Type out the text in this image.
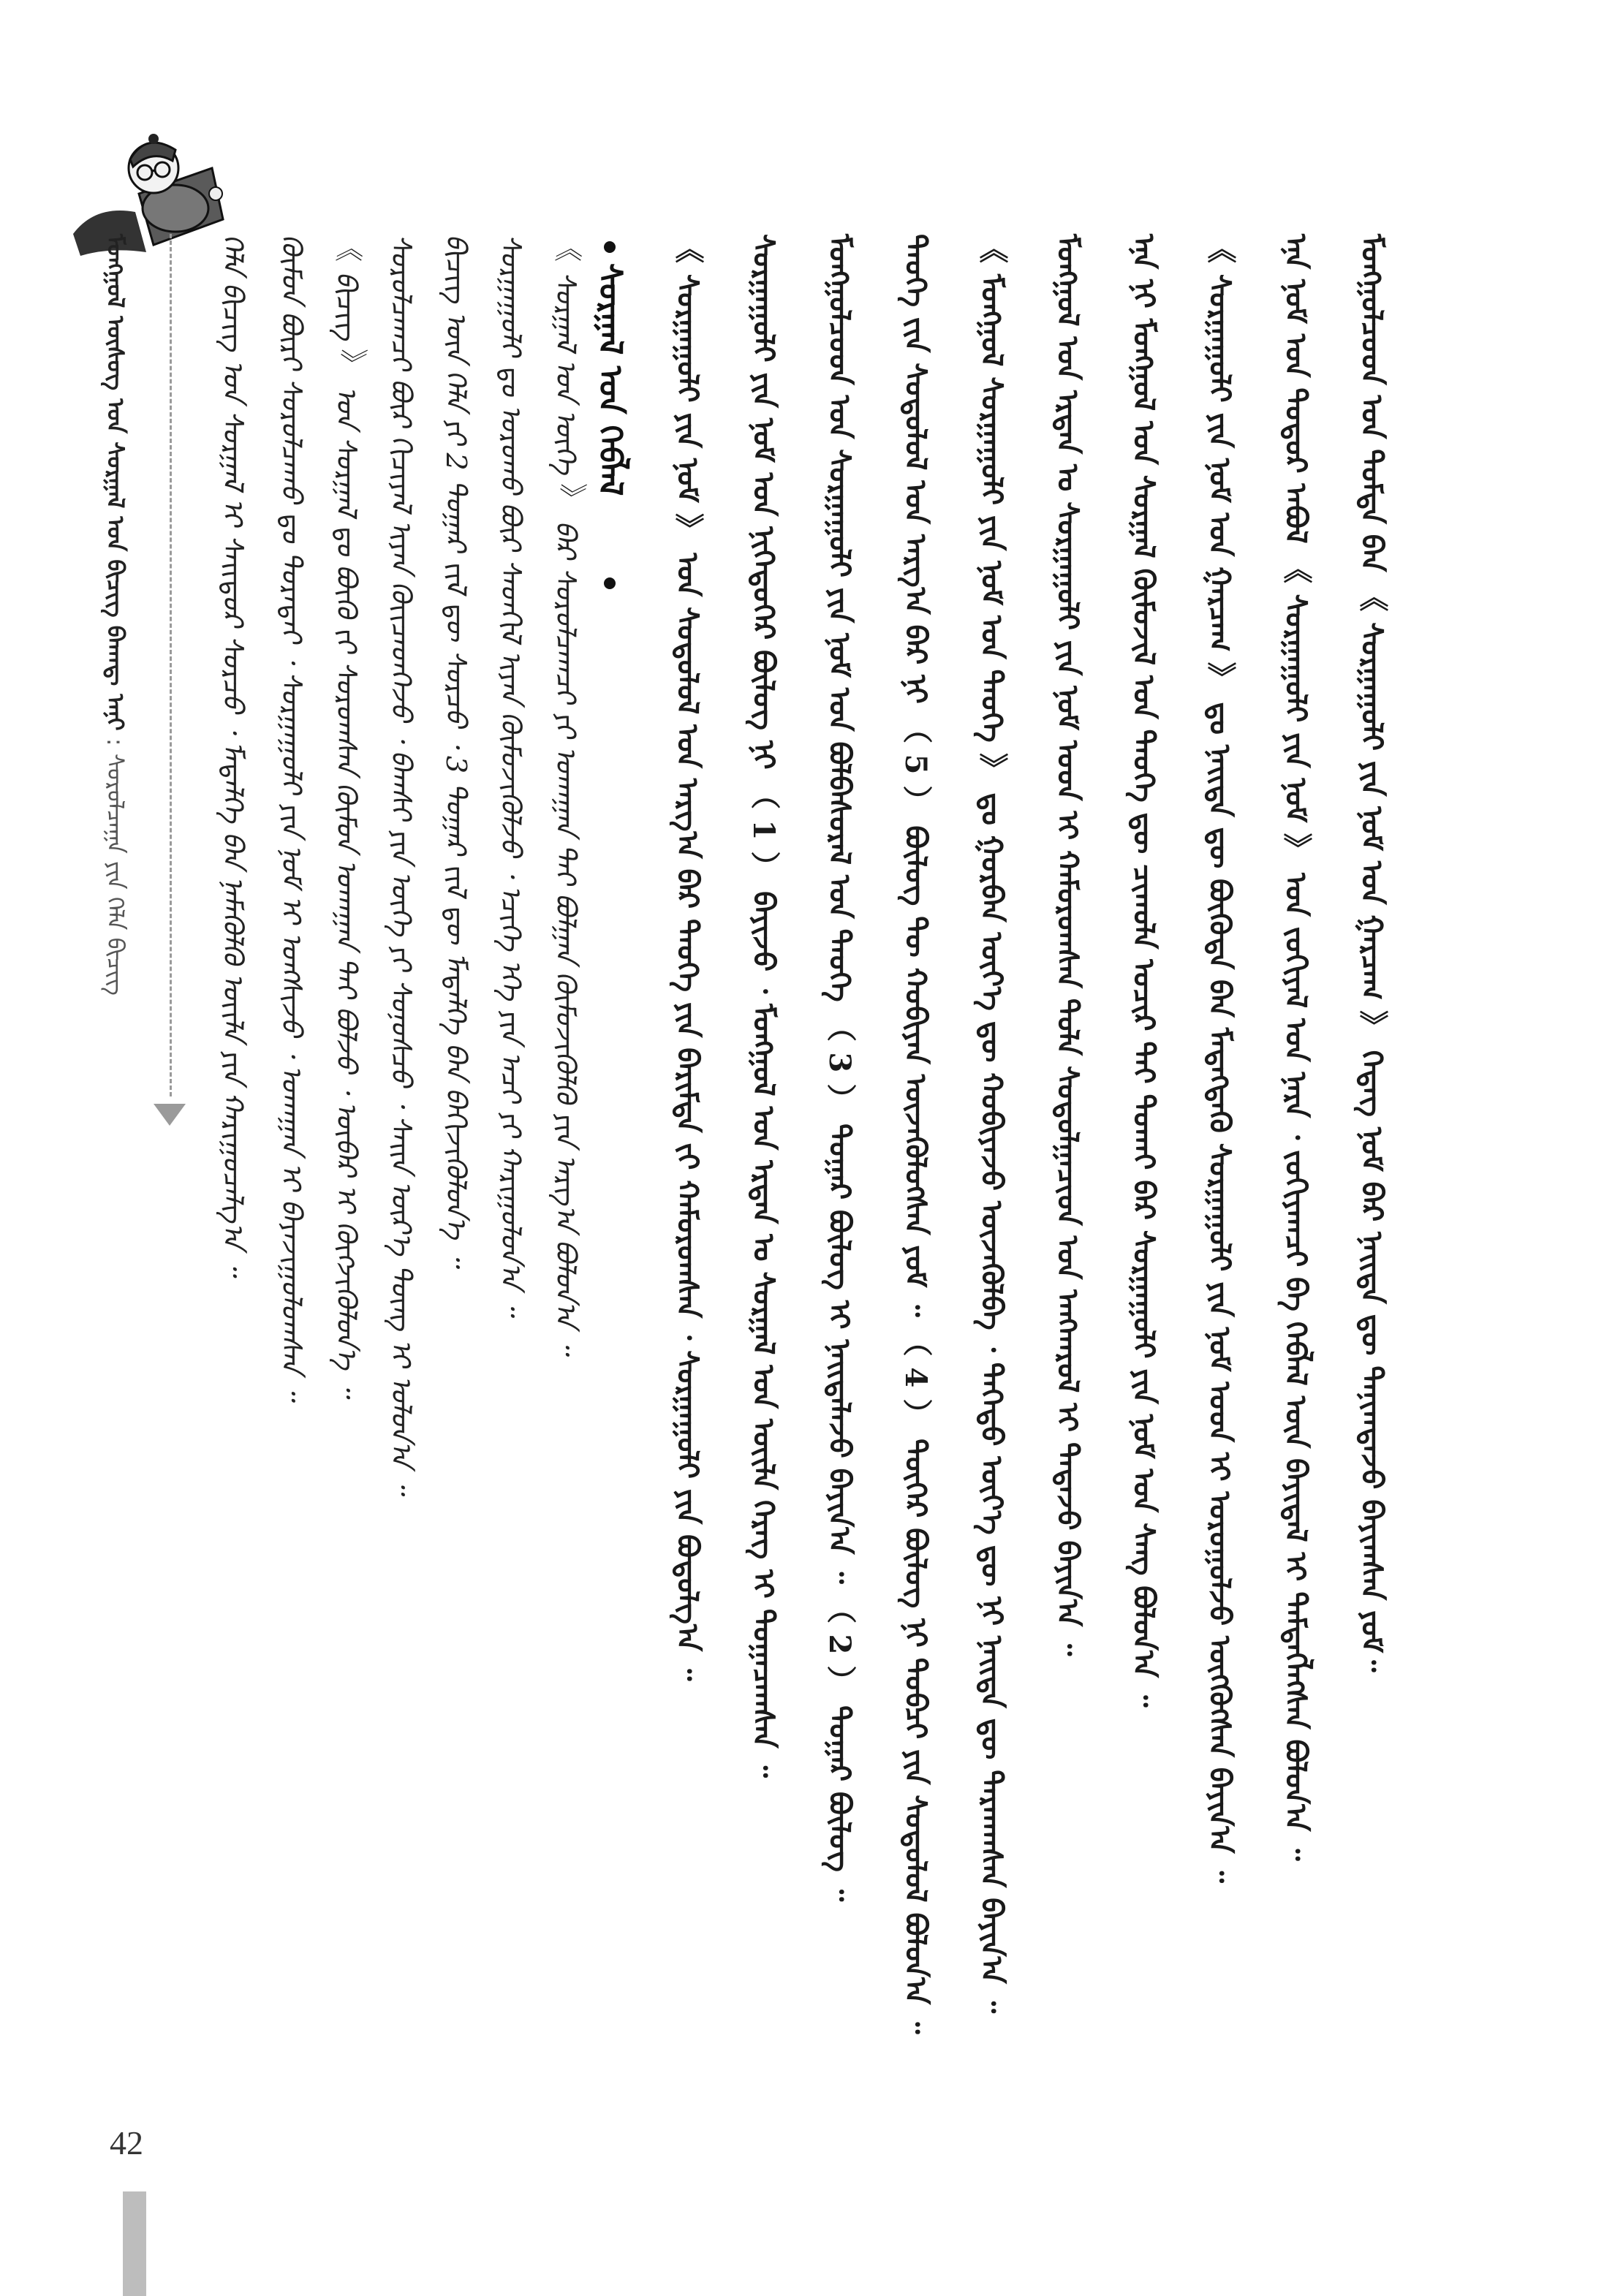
ᠮᠤᠩᠭᠤᠯ ᠦᠰᠦᠭ ᠤᠨ ᠰᠤᠷᠭᠠᠯ ᠤᠨ ᠪᠢᠴᠢᠭ᠌ ᠪᠠᠬᠠᠳ᠋ ᠠᠨᠢ : ᠰᠤᠷᠤᠯᠴᠠᠭᠠ ᠶᠢᠨ ᠬᠡᠯᠡ ᠪᠢᠴᠢᠭ	ᠬᠡᠯᠡ ᠪᠢᠴᠢᠭ ᠤᠨ ᠰᠤᠷᠭᠠᠯ ᠢ ᠰᠠᠢᠲᠤᠷ ᠰᠤᠷᠴᠤ ᠂ ᠮᠡᠳᠡᠯᠭᠡ ᠪᠡᠨ ᠨᠡᠮᠡᠭᠦᠯᠬᠦ ᠦᠢᠯᠡ ᠶᠢᠨ ᠬᠠᠷᠢᠭᠤᠴᠠᠯᠭ᠎ᠠ ᠃ ᠬᠦᠮᠦᠨ ᠪᠦᠷᠢ ᠰᠤᠷᠤᠯᠴᠠᠬᠤ ᠳᠤ ᠳᠤᠷᠠᠲᠠᠢ ᠂ ᠰᠤᠷᠭᠠᠭᠤᠯᠢ ᠶᠢᠨ ᠨᠣᠮ ᠢ ᠣᠩᠰᠢᠵᠤ ᠂ ᠤᠬᠠᠭᠠᠨ ᠢ ᠪᠠᠶᠠᠵᠢᠭᠤᠯᠤᠭᠰᠠᠨ ᠃ 《 ᠪᠢᠴᠢᠭ 》 ᠤᠨ ᠰᠤᠷᠭᠠᠯ ᠳᠤ ᠪᠦᠬᠦ ᠵᠢ ᠰᠤᠷᠤᠭᠰᠠᠨ ᠬᠦᠮᠦᠨ ᠤᠬᠠᠭᠠᠨ ᠲᠠᠢ ᠪᠣᠯᠵᠤ ᠂ ᠥᠪᠡᠷ ᠢ ᠬᠥᠭᠵᠢᠭᠦᠯᠦᠨ᠎ᠡ ᠃ ᠰᠤᠷᠤᠯᠴᠠᠭᠴᠢ ᠪᠦᠷ ᠬᠢᠴᠢᠶᠡᠯ ᠢᠶᠡᠨ ᠭᠦᠢᠴᠡᠳᠬᠡᠵᠦ ᠂ ᠪᠠᠭᠰᠢ ᠶᠢᠨ ᠦᠭᠡ ᠶᠢ ᠰᠣᠨᠤᠰᠴᠤ ᠂ ᠰᠠᠢᠨ ᠦᠷ᠎ᠡ ᠳᠦᠩ ᠢ ᠣᠯᠤᠨ᠎ᠠ ᠃ ᠪᠢᠴᠢᠭ ᠦᠨ ᠬᠡᠯᠡ ᠶᠢ 2 ᠳᠤᠭᠠᠷ ᠵᠢᠯ ᠳᠦ ᠰᠤᠷᠴᠤ ᠂ 3 ᠳᠤᠭᠠᠷ ᠵᠢᠯ ᠳᠦ ᠮᠡᠳᠡᠯᠭᠡ ᠪᠡᠨ ᠪᠡᠬᠢᠵᠢᠭᠦᠯᠦᠨ᠎ᠡ ᠃ ᠰᠤᠷᠭᠠᠭᠤᠯᠢ ᠳᠤ ᠣᠷᠣᠬᠤ ᠪᠦᠷ ᠰᠡᠳᠬᠢᠯ ᠢᠶᠡᠨ ᠬᠦᠮᠦᠵᠢᠭᠦᠯᠵᠦ ᠂ ᠡᠴᠢᠭᠡ ᠡᠬᠡ ᠶᠢᠨ ᠠᠴᠢ ᠶᠢ ᠬᠠᠷᠢᠭᠤᠯᠤᠨ᠎ᠠ ᠃ 《 ᠰᠤᠷᠭᠠᠯ ᠤᠨ ᠦᠭᠡ 》 ᠪᠡᠷ ᠰᠤᠷᠤᠯᠴᠠᠭᠴᠢ ᠶᠢ ᠤᠬᠠᠭᠠᠨ ᠲᠠᠢ ᠪᠣᠯᠭᠠᠨ ᠬᠥᠮᠦᠵᠢᠭᠦᠯᠬᠦ ᠶᠢᠨ ᠠᠷᠭ᠎ᠠ ᠪᠣᠯᠤᠨ᠎ᠠ ᠃ ᠰᠤᠷᠭᠠᠯ ᠤᠨ ᠬᠡᠪᠯᠡᠯ 《 ᠰᠤᠷᠭᠠᠭᠤᠯᠢ ᠶᠢᠨ ᠨᠣᠮ 》 ᠤᠨ ᠰᠤᠳᠤᠯᠤᠯ ᠤᠨ ᠠᠷᠭ᠎ᠠ ᠪᠠᠷ ᠲᠡᠦᠬᠡ ᠶᠢᠨ ᠪᠠᠷᠢᠮᠲᠠ ᠵᠢ ᠬᠠᠮᠤᠷᠤᠭᠰᠠᠨ ᠂ ᠰᠤᠷᠭᠠᠭᠤᠯᠢ ᠶᠢᠨ ᠪᠣᠳᠤᠯᠭ᠎ᠠ ᠃ ᠰᠤᠷᠭᠠᠭᠤᠯᠢ ᠶᠢᠨ ᠨᠣᠮ ᠤᠨ ᠨᠢᠭᠡᠳᠦᠭᠡᠷ ᠪᠦᠯᠦᠭ ᠨᠢ （ 1 ） ᠪᠠᠶᠢᠵᠤ ᠂ ᠮᠣᠩᠭᠣᠯ ᠤᠨ ᠡᠷᠲᠡᠨ ᠤ ᠰᠤᠷᠭᠠᠯ ᠤᠨ ᠦᠢᠯᠡ ᠬᠡᠷᠡᠭ ᠢ ᠲᠣᠭᠠᠴᠠᠭᠰᠠᠨ ᠃ ᠮᠣᠩᠭᠣᠯᠴᠤᠳ ᠤᠨ ᠰᠤᠷᠭᠠᠭᠤᠯᠢ ᠶᠢᠨ ᠨᠣᠮ ᠤᠨ ᠪᠣᠯᠪᠠᠰᠤᠷᠠᠯ ᠤᠨ ᠲᠡᠦᠬᠡ （ 3 ） ᠳᠤᠭᠠᠷ ᠪᠦᠯᠦᠭ ᠢ ᠨᠡᠢᠲᠡᠯᠡᠵᠤ ᠪᠠᠶᠢᠨ᠎ᠠ ᠃ （ 2 ） ᠳᠤᠭᠠᠷ ᠪᠦᠯᠦᠭ ᠃ ᠲᠡᠦᠬᠡ ᠵᠢᠨ ᠰᠤᠳᠤᠯᠤᠯ ᠤᠨ ᠠᠷᠭ᠎ᠠ ᠪᠠᠷ ᠨᠢ （ 5 ） ᠪᠦᠯᠦᠭ ᠲᠦ ᠬᠤᠪᠢᠶᠠᠨ ᠦᠵᠡᠭᠦᠯᠦᠭᠰᠡᠨ ᠶᠤᠮ ᠃ （ 4 ） ᠳᠦᠭᠡᠷ ᠪᠦᠯᠦᠭ ᠨᠢ ᠲᠣᠪᠴᠢ ᠶᠢᠨ ᠰᠤᠳᠤᠯᠤᠯ ᠪᠣᠯᠤᠨ᠎ᠠ ᠃ 《 ᠮᠣᠩᠭᠣᠯ ᠰᠤᠷᠭᠠᠭᠤᠯᠢ ᠶᠢᠨ ᠨᠣᠮ ᠤᠨ ᠲᠡᠦᠬᠡ 》 ᠳᠤ ᠭᠤᠷᠪᠠᠨ ᠦᠶ᠎ᠡ ᠳᠦ ᠬᠤᠪᠢᠶᠠᠵᠤ ᠦᠵᠡᠭᠦᠯᠪᠡ ᠂ ᠳᠡᠭᠡᠳᠦ ᠦᠶ᠎ᠡ ᠳᠦ ᠨᠢ ᠨᠡᠢᠲᠡ ᠳᠦ ᠲᠠᠷᠬᠠᠭᠰᠠᠨ ᠪᠠᠶᠢᠨ᠎ᠠ ᠃ ᠮᠣᠩᠭᠣᠯ ᠤᠨ ᠡᠷᠲᠡᠨ ᠤ ᠰᠤᠷᠭᠠᠭᠤᠯᠢ ᠶᠢᠨ ᠨᠣᠮ ᠤᠳ ᠢ ᠬᠠᠮᠤᠷᠤᠭᠰᠠᠨ ᠲᠤᠯᠠ ᠰᠤᠳᠤᠯᠭᠠᠴᠢᠳ ᠤᠨ ᠠᠩᠬᠠᠷᠤᠯ ᠢ ᠲᠠᠲᠠᠵᠤ ᠪᠠᠶᠢᠨ᠎ᠠ ᠃ ᠡᠨᠡ ᠨᠢ ᠮᠣᠩᠭᠣᠯ ᠤᠨ ᠰᠤᠷᠭᠠᠯ ᠬᠦᠮᠦᠵᠢᠯ ᠤᠨ ᠲᠡᠦᠬᠡ ᠳᠦ ᠴᠢᠬᠤᠯᠠ ᠤᠴᠢᠷ ᠲᠠᠢ ᠲᠤᠬᠠᠢ ᠪᠡᠷ ᠰᠤᠷᠭᠠᠭᠤᠯᠢ ᠶᠢᠨ ᠨᠣᠮ ᠤᠨ ᠰᠠᠩ ᠪᠣᠯᠤᠨ᠎ᠠ ᠃ 《 ᠰᠤᠷᠭᠠᠭᠤᠯᠢ ᠶᠢᠨ ᠨᠣᠮ ᠤᠨ ᠭᠠᠷᠴᠠᠭ 》 ᠳᠤ ᠨᠡᠢᠲᠡ ᠳᠦ ᠪᠦᠭᠦᠳᠡ ᠪᠡᠨ ᠮᠡᠳᠡᠭᠳᠡᠬᠦ ᠰᠤᠷᠭᠠᠭᠤᠯᠢ ᠶᠢᠨ ᠨᠣᠮ ᠤᠳ ᠢ ᠤᠷᠤᠭᠤᠯᠵᠤ ᠥᠭᠭᠦᠭᠰᠡᠨ ᠪᠠᠶᠢᠨ᠎ᠠ ᠃ ᠡᠨᠡ ᠨᠣᠮ ᠤᠨ ᠳᠣᠲᠣᠷ ᠠᠪᠤᠯ 《 ᠰᠤᠷᠭᠠᠭᠤᠯᠢ ᠶᠢᠨ ᠨᠣᠮ 》 ᠤᠨ ᠵᠣᠬᠢᠶᠠᠯ ᠤᠨ ᠨᠡᠷᠡ ᠂ ᠵᠣᠬᠢᠶᠠᠭᠴᠢ ᠪᠠ ᠬᠡᠪᠯᠡᠯ ᠦᠨ ᠪᠠᠶᠢᠳᠠᠯ ᠢ ᠲᠡᠮᠳᠡᠭᠯᠡᠭᠰᠡᠨ ᠪᠣᠯᠤᠨ᠎ᠠ ᠃ ᠮᠣᠩᠭᠣᠯᠴᠤᠳ ᠤᠨ ᠳᠤᠮᠳᠠ ᠪᠡᠨ 《 ᠰᠤᠷᠭᠠᠭᠤᠯᠢ ᠶᠢᠨ ᠨᠣᠮ ᠤᠨ ᠭᠠᠷᠴᠠᠭ 》 ᠭᠡᠳᠡᠭ ᠨᠣᠮ ᠪᠡᠷ ᠨᠡᠢᠲᠡ ᠳᠦ ᠲᠠᠨᠢᠭᠳᠠᠵᠤ ᠪᠠᠶᠢᠭᠰᠠᠨ ᠶᠤᠮ᠃
42
